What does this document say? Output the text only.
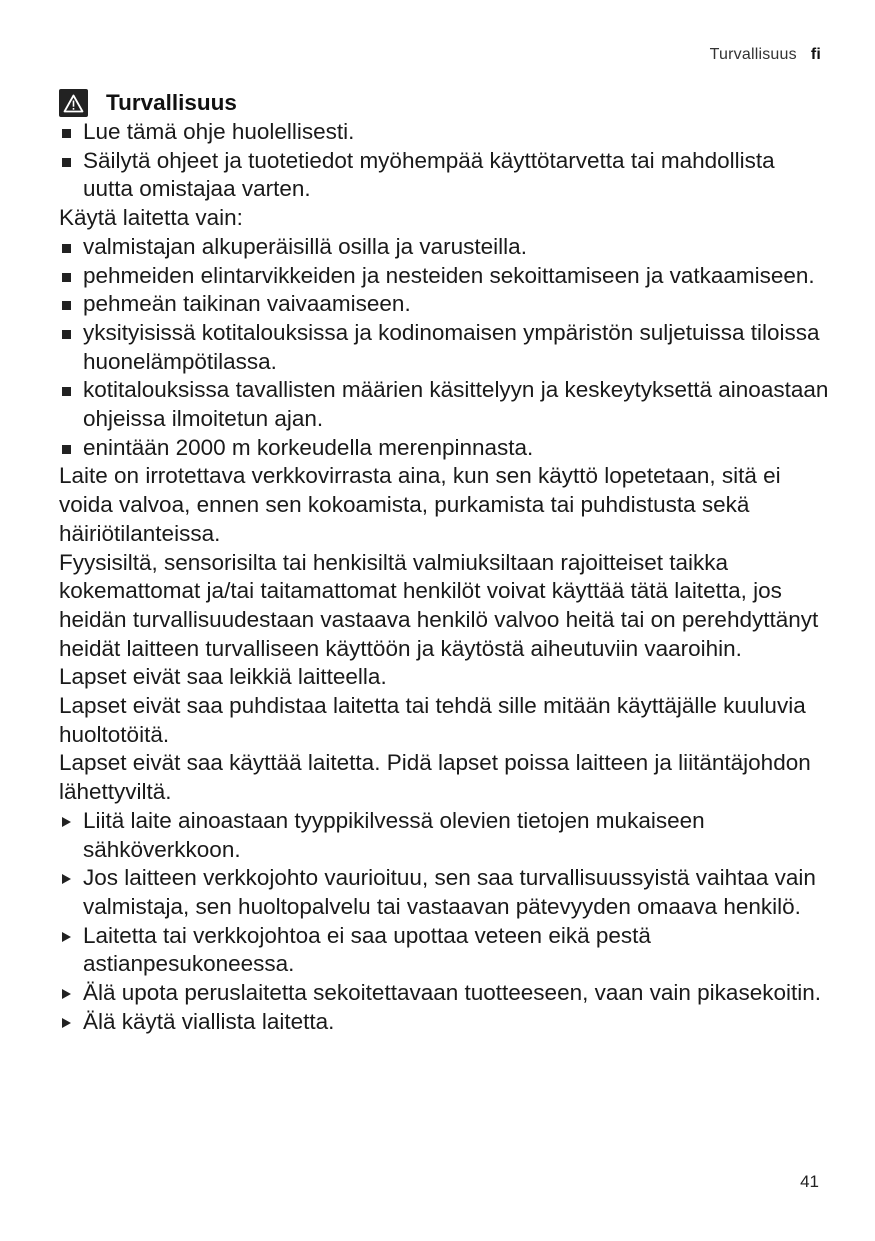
Turvallisuus fi
Turvallisuus
Lue tämä ohje huolellisesti.
Säilytä ohjeet ja tuotetiedot myöhempää käyttötarvetta tai mahdollista uutta omistajaa varten.
Käytä laitetta vain:
valmistajan alkuperäisillä osilla ja varusteilla.
pehmeiden elintarvikkeiden ja nesteiden sekoittamiseen ja vatkaamiseen.
pehmeän taikinan vaivaamiseen.
yksityisissä kotitalouksissa ja kodinomaisen ympäristön suljetuissa tiloissa huonelämpötilassa.
kotitalouksissa tavallisten määrien käsittelyyn ja keskeytyksettä ainoastaan ohjeissa ilmoitetun ajan.
enintään 2000 m korkeudella merenpinnasta.
Laite on irrotettava verkkovirrasta aina, kun sen käyttö lopetetaan, sitä ei voida valvoa, ennen sen kokoamista, purkamista tai puhdistusta sekä häiriötilanteissa.
Fyysisiltä, sensorisilta tai henkisiltä valmiuksiltaan rajoitteiset taikka kokemattomat ja/tai taitamattomat henkilöt voivat käyttää tätä laitetta, jos heidän turvallisuudestaan vastaava henkilö valvoo heitä tai on perehdyttänyt heidät laitteen turvalliseen käyttöön ja käytöstä aiheutuviin vaaroihin.
Lapset eivät saa leikkiä laitteella.
Lapset eivät saa puhdistaa laitetta tai tehdä sille mitään käyttäjälle kuuluvia huoltotöitä.
Lapset eivät saa käyttää laitetta. Pidä lapset poissa laitteen ja liitäntäjohdon lähettyviltä.
Liitä laite ainoastaan tyyppikilvessä olevien tietojen mukaiseen sähköverkkoon.
Jos laitteen verkkojohto vaurioituu, sen saa turvallisuussyistä vaihtaa vain valmistaja, sen huoltopalvelu tai vastaavan pätevyyden omaava henkilö.
Laitetta tai verkkojohtoa ei saa upottaa veteen eikä pestä astianpesukoneessa.
Älä upota peruslaitetta sekoitettavaan tuotteeseen, vaan vain pikasekoitin.
Älä käytä viallista laitetta.
41
